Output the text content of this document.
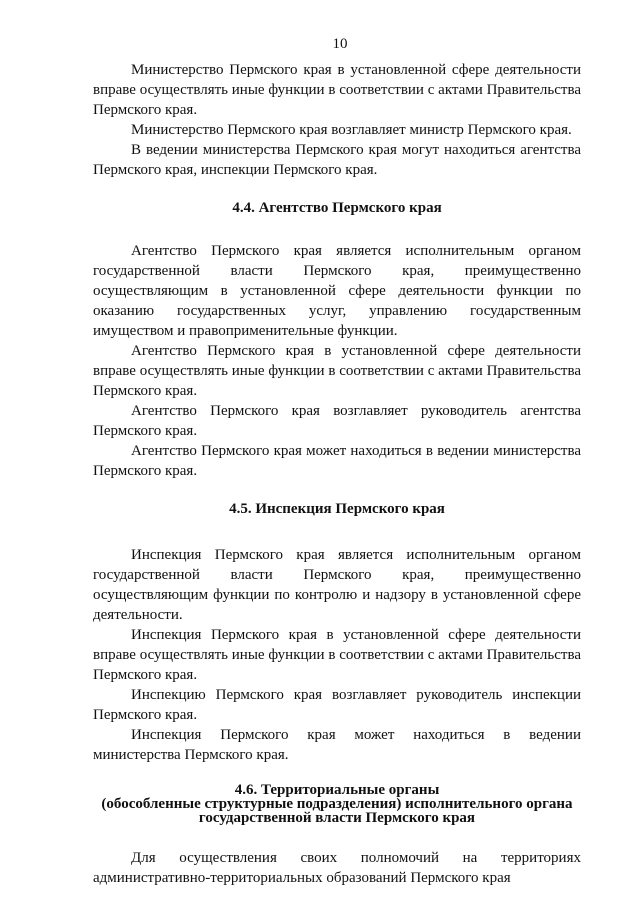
10

Министерство Пермского края в установленной сфере деятельности вправе осуществлять иные функции в соответствии с актами Правительства Пермского края.

Министерство Пермского края возглавляет министр Пермского края.

В ведении министерства Пермского края могут находиться агентства Пермского края, инспекции Пермского края.

4.4. Агентство Пермского края

Агентство Пермского края является исполнительным органом государственной власти Пермского края, преимущественно осуществляющим в установленной сфере деятельности функции по оказанию государственных услуг, управлению государственным имуществом и правоприменительные функции.

Агентство Пермского края в установленной сфере деятельности вправе осуществлять иные функции в соответствии с актами Правительства Пермского края.

Агентство Пермского края возглавляет руководитель агентства Пермского края.

Агентство Пермского края может находиться в ведении министерства Пермского края.

4.5. Инспекция Пермского края

Инспекция Пермского края является исполнительным органом государственной власти Пермского края, преимущественно осуществляющим функции по контролю и надзору в установленной сфере деятельности.

Инспекция Пермского края в установленной сфере деятельности вправе осуществлять иные функции в соответствии с актами Правительства Пермского края.

Инспекцию Пермского края возглавляет руководитель инспекции Пермского края.

Инспекция Пермского края может находиться в ведении министерства Пермского края.

4.6. Территориальные органы
(обособленные структурные подразделения) исполнительного органа
государственной власти Пермского края

Для осуществления своих полномочий на территориях административно-территориальных образований Пермского края
